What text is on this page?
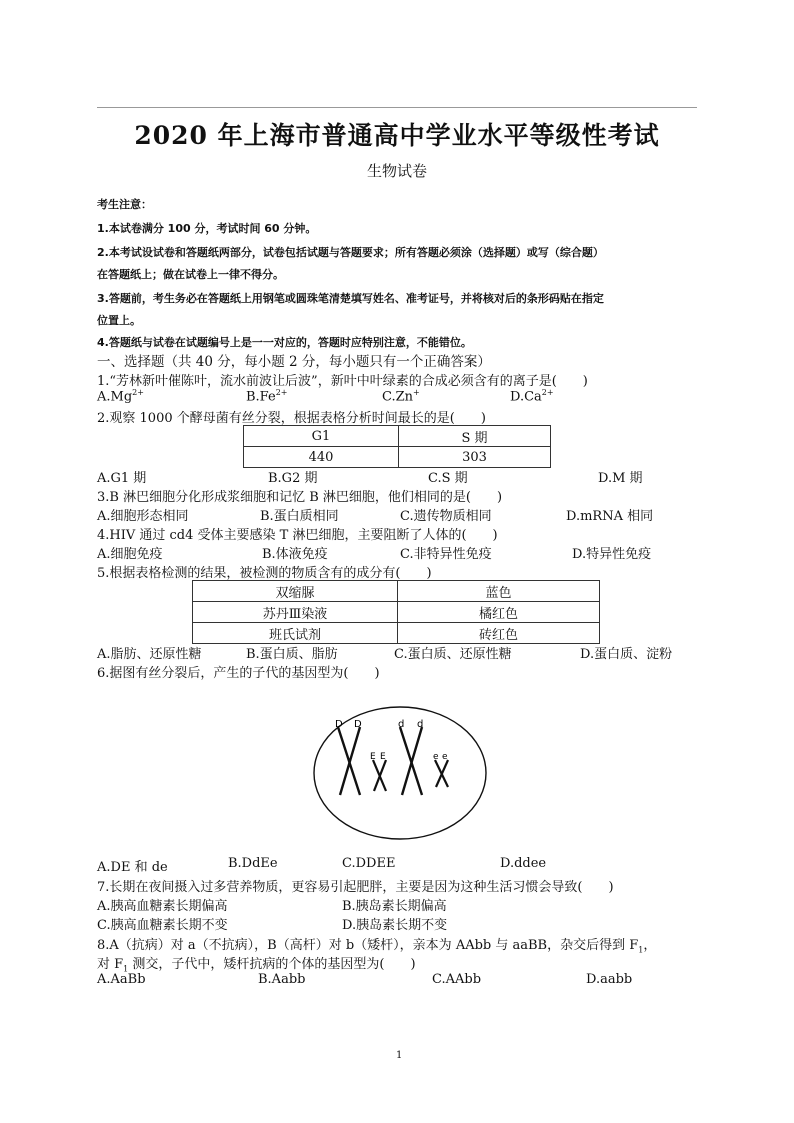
2020 年上海市普通高中学业水平等级性考试
生物试卷
考生注意：
1.本试卷满分 100 分，考试时间 60 分钟。
2.本考试设试卷和答题纸两部分，试卷包括试题与答题要求；所有答题必须涂（选择题）或写（综合题）
在答题纸上；做在试卷上一律不得分。
3.答题前，考生务必在答题纸上用钢笔或圆珠笔清楚填写姓名、准考证号，并将核对后的条形码贴在指定
位置上。
4.答题纸与试卷在试题编号上是一一对应的，答题时应特别注意，不能错位。
一、选择题（共 40 分，每小题 2 分，每小题只有一个正确答案）
1.“芳林新叶催陈叶，流水前波让后波”，新叶中叶绿素的合成必须含有的离子是(　　)
$A.Mg^{2+}$	$B.Fe^{2+}$	C.Zn+	$D.Ca^{2+}$
2.观察 1000 个酵母菌有丝分裂，根据表格分析时间最长的是(　　)
G1	S 期
440	303
A.G1 期	B.G2 期	C.S 期	D.M 期
3.B 淋巴细胞分化形成浆细胞和记忆 B 淋巴细胞，他们相同的是(　　)
A.细胞形态相同	B.蛋白质相同	C.遗传物质相同	D.mRNA 相同
4.HIV 通过 cd4 受体主要感染 T 淋巴细胞，主要阻断了人体的(　　)
A.细胞免疫	B.体液免疫	C.非特异性免疫	D.特异性免疫
5.根据表格检测的结果，被检测的物质含有的成分有(　　)
双缩脲	蓝色
苏丹Ⅲ染液	橘红色
班氏试剂	砖红色
A.脂肪、还原性糖	B.蛋白质、脂肪	C.蛋白质、还原性糖	D.蛋白质、淀粉
6.据图有丝分裂后，产生的子代的基因型为(　　)
D D	d d
E E	e e
A.DE 和 de	B.DdEe	C.DDEE	D.ddee
7.长期在夜间摄入过多营养物质，更容易引起肥胖，主要是因为这种生活习惯会导致(　　)
A.胰高血糖素长期偏高	B.胰岛素长期偏高
C.胰高血糖素长期不变	D.胰岛素长期不变
8.A（抗病）对 a（不抗病），B（高杆）对 b（矮杆），亲本为 AAbb 与 aaBB，杂交后得到 $F_1$，
对 $F_1$ 测交，子代中，矮杆抗病的个体的基因型为(　　)
A.AaBb	B.Aabb	C.AAbb	D.aabb
1
